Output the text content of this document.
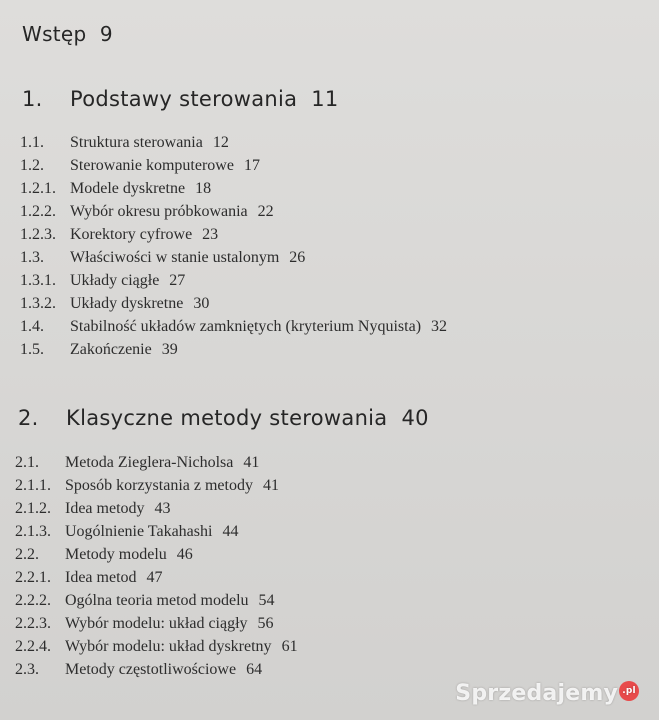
Wstęp 9
1. Podstawy sterowania 11
1.1.	Struktura sterowania 12
1.2.	Sterowanie komputerowe 17
1.2.1. Modele dyskretne 18
1.2.2. Wybór okresu próbkowania 22
1.2.3. Korektory cyfrowe 23
1.3.	Właściwości w stanie ustalonym 26
1.3.1. Układy ciągłe 27
1.3.2. Układy dyskretne 30
1.4.	Stabilność układów zamkniętych (kryterium Nyquista) 32
1.5.	Zakończenie 39
2. Klasyczne metody sterowania 40
2.1.	Metoda Zieglera-Nicholsa 41
2.1.1. Sposób korzystania z metody 41
2.1.2. Idea metody 43
2.1.3. Uogólnienie Takahashi 44
2.2.	Metody modelu 46
2.2.1. Idea metod 47
2.2.2. Ogólna teoria metod modelu 54
2.2.3. Wybór modelu: układ ciągły 56
2.2.4. Wybór modelu: układ dyskretny 61
2.3.	Metody częstotliwościowe 64
Sprzedajemy .pl
